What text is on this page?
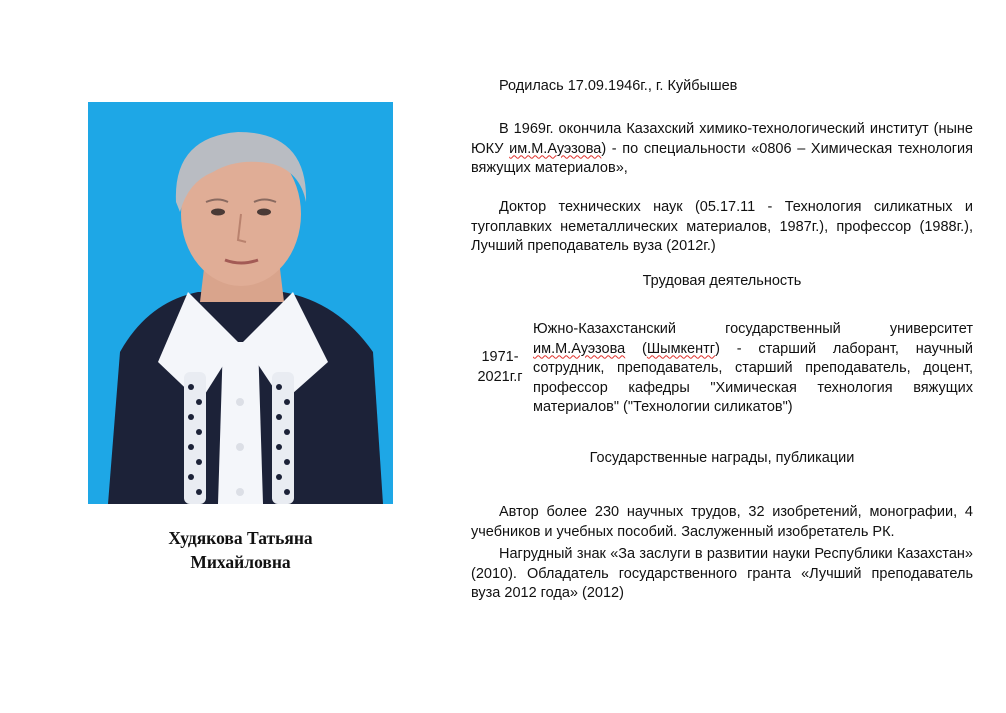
Худякова Татьяна
Михайловна

Родилась 17.09.1946г., г. Куйбышев

В 1969г. окончила Казахский химико-технологический институт (ныне ЮКУ им.М.Ауэзова) - по специальности «0806 – Химическая технология вяжущих материалов»,

Доктор технических наук (05.17.11 - Технология силикатных и тугоплавких неметаллических материалов, 1987г.), профессор (1988г.), Лучший преподаватель вуза (2012г.)

Трудовая деятельность

1971-
2021г.г

Южно-Казахстанский государственный университет им.М.Ауэзова (Шымкентг) - старший лаборант, научный сотрудник, преподаватель, старший преподаватель, доцент, профессор кафедры "Химическая технология вяжущих материалов" ("Технологии силикатов")

Государственные награды, публикации

Автор более 230 научных трудов, 32 изобретений, монографии, 4 учебников и учебных пособий. Заслуженный изобретатель РК.

Нагрудный знак «За заслуги в развитии науки Республики Казахстан» (2010). Обладатель государственного гранта «Лучший преподаватель вуза 2012 года» (2012)
